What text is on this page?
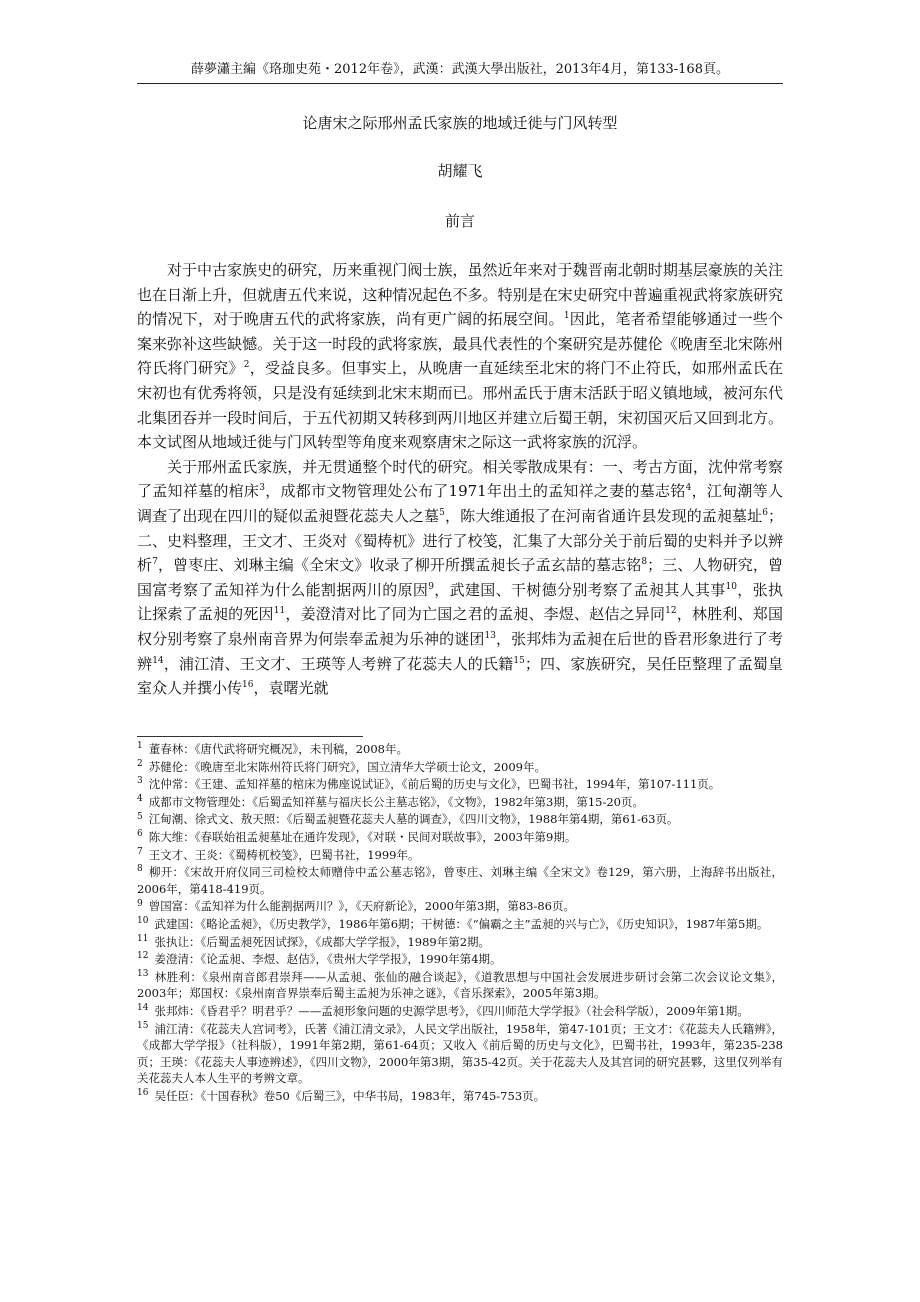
薛夢瀟主編《珞珈史苑・2012年卷》，武漢：武漢大學出版社，2013年4月，第133-168頁。
论唐宋之际邢州孟氏家族的地域迁徙与门风转型
胡耀飞
前言

对于中古家族史的研究，历来重视门阀士族，虽然近年来对于魏晋南北朝时期基层豪族的关注也在日渐上升，但就唐五代来说，这种情况起色不多。特别是在宋史研究中普遍重视武将家族研究的情况下，对于晚唐五代的武将家族，尚有更广阔的拓展空间。$^1$因此，笔者希望能够通过一些个案来弥补这些缺憾。关于这一时段的武将家族，最具代表性的个案研究是苏健伦《晚唐至北宋陈州符氏将门研究》$^2$，受益良多。但事实上，从晚唐一直延续至北宋的将门不止符氏，如邢州孟氏在宋初也有优秀将领，只是没有延续到北宋末期而已。邢州孟氏于唐末活跃于昭义镇地域，被河东代北集团吞并一段时间后，于五代初期又转移到两川地区并建立后蜀王朝，宋初国灭后又回到北方。本文试图从地域迁徙与门风转型等角度来观察唐宋之际这一武将家族的沉浮。

关于邢州孟氏家族，并无贯通整个时代的研究。相关零散成果有：一、考古方面，沈仲常考察了孟知祥墓的棺床$^3$，成都市文物管理处公布了1971年出土的孟知祥之妻的墓志铭$^4$，江甸潮等人调查了出现在四川的疑似孟昶暨花蕊夫人之墓$^5$，陈大维通报了在河南省通许县发现的孟昶墓址$^6$；二、史料整理，王文才、王炎对《蜀梼杌》进行了校笺，汇集了大部分关于前后蜀的史料并予以辨析$^7$，曾枣庄、刘琳主编《全宋文》收录了柳开所撰孟昶长子孟玄喆的墓志铭$^8$；三、人物研究，曾国富考察了孟知祥为什么能割据两川的原因$^9$，武建国、干树德分别考察了孟昶其人其事$^{10}$，张执让探索了孟昶的死因$^{11}$，姜澄清对比了同为亡国之君的孟昶、李煜、赵佶之异同$^{12}$，林胜利、郑国权分别考察了泉州南音界为何崇奉孟昶为乐神的谜团$^{13}$，张邦炜为孟昶在后世的昏君形象进行了考辨$^{14}$，浦江清、王文才、王瑛等人考辨了花蕊夫人的氏籍$^{15}$；四、家族研究，吴任臣整理了孟蜀皇室众人并撰小传$^{16}$，袁曙光就

$^1$ 董春林：《唐代武将研究概况》，未刊稿，2008年。
$^2$ 苏健伦：《晚唐至北宋陈州符氏将门研究》，国立清华大学硕士论文，2009年。
$^3$ 沈仲常：《王建、孟知祥墓的棺床为佛座说试证》，《前后蜀的历史与文化》，巴蜀书社，1994年，第107-111页。
$^4$ 成都市文物管理处：《后蜀孟知祥墓与福庆长公主墓志铭》，《文物》，1982年第3期，第15-20页。
$^5$ 江甸潮、徐式文、敖天照：《后蜀孟昶暨花蕊夫人墓的调查》，《四川文物》，1988年第4期，第61-63页。
$^6$ 陈大维：《春联始祖孟昶墓址在通许发现》，《对联・民间对联故事》，2003年第9期。
$^7$ 王文才、王炎：《蜀梼杌校笺》，巴蜀书社，1999年。
$^8$ 柳开：《宋故开府仪同三司检校太师赠侍中孟公墓志铭》，曾枣庄、刘琳主编《全宋文》卷129，第六册，上海辞书出版社，2006年，第418-419页。
$^9$ 曾国富：《孟知祥为什么能割据两川？》，《天府新论》，2000年第3期，第83-86页。
$^{10}$ 武建国：《略论孟昶》，《历史教学》，1986年第6期；干树德：《“偏霸之主”孟昶的兴与亡》，《历史知识》，1987年第5期。
$^{11}$ 张执让：《后蜀孟昶死因试探》，《成都大学学报》，1989年第2期。
$^{12}$ 姜澄清：《论孟昶、李煜、赵佶》，《贵州大学学报》，1990年第4期。
$^{13}$ 林胜利：《泉州南音郎君崇拜——从孟昶、张仙的融合谈起》，《道教思想与中国社会发展进步研讨会第二次会议论文集》，2003年；郑国权：《泉州南音界崇奉后蜀主孟昶为乐神之谜》，《音乐探索》，2005年第3期。
$^{14}$ 张邦炜：《昏君乎？明君乎？——孟昶形象问题的史源学思考》，《四川师范大学学报》（社会科学版），2009年第1期。
$^{15}$ 浦江清：《花蕊夫人宫词考》，氏著《浦江清文录》，人民文学出版社，1958年，第47-101页；王文才：《花蕊夫人氏籍辨》，《成都大学学报》（社科版），1991年第2期，第61-64页；又收入《前后蜀的历史与文化》，巴蜀书社，1993年，第235-238页；王瑛：《花蕊夫人事迹辨述》，《四川文物》，2000年第3期，第35-42页。关于花蕊夫人及其宫词的研究甚夥，这里仅列举有关花蕊夫人本人生平的考辨文章。
$^{16}$ 吴任臣：《十国春秋》卷50《后蜀三》，中华书局，1983年，第745-753页。
